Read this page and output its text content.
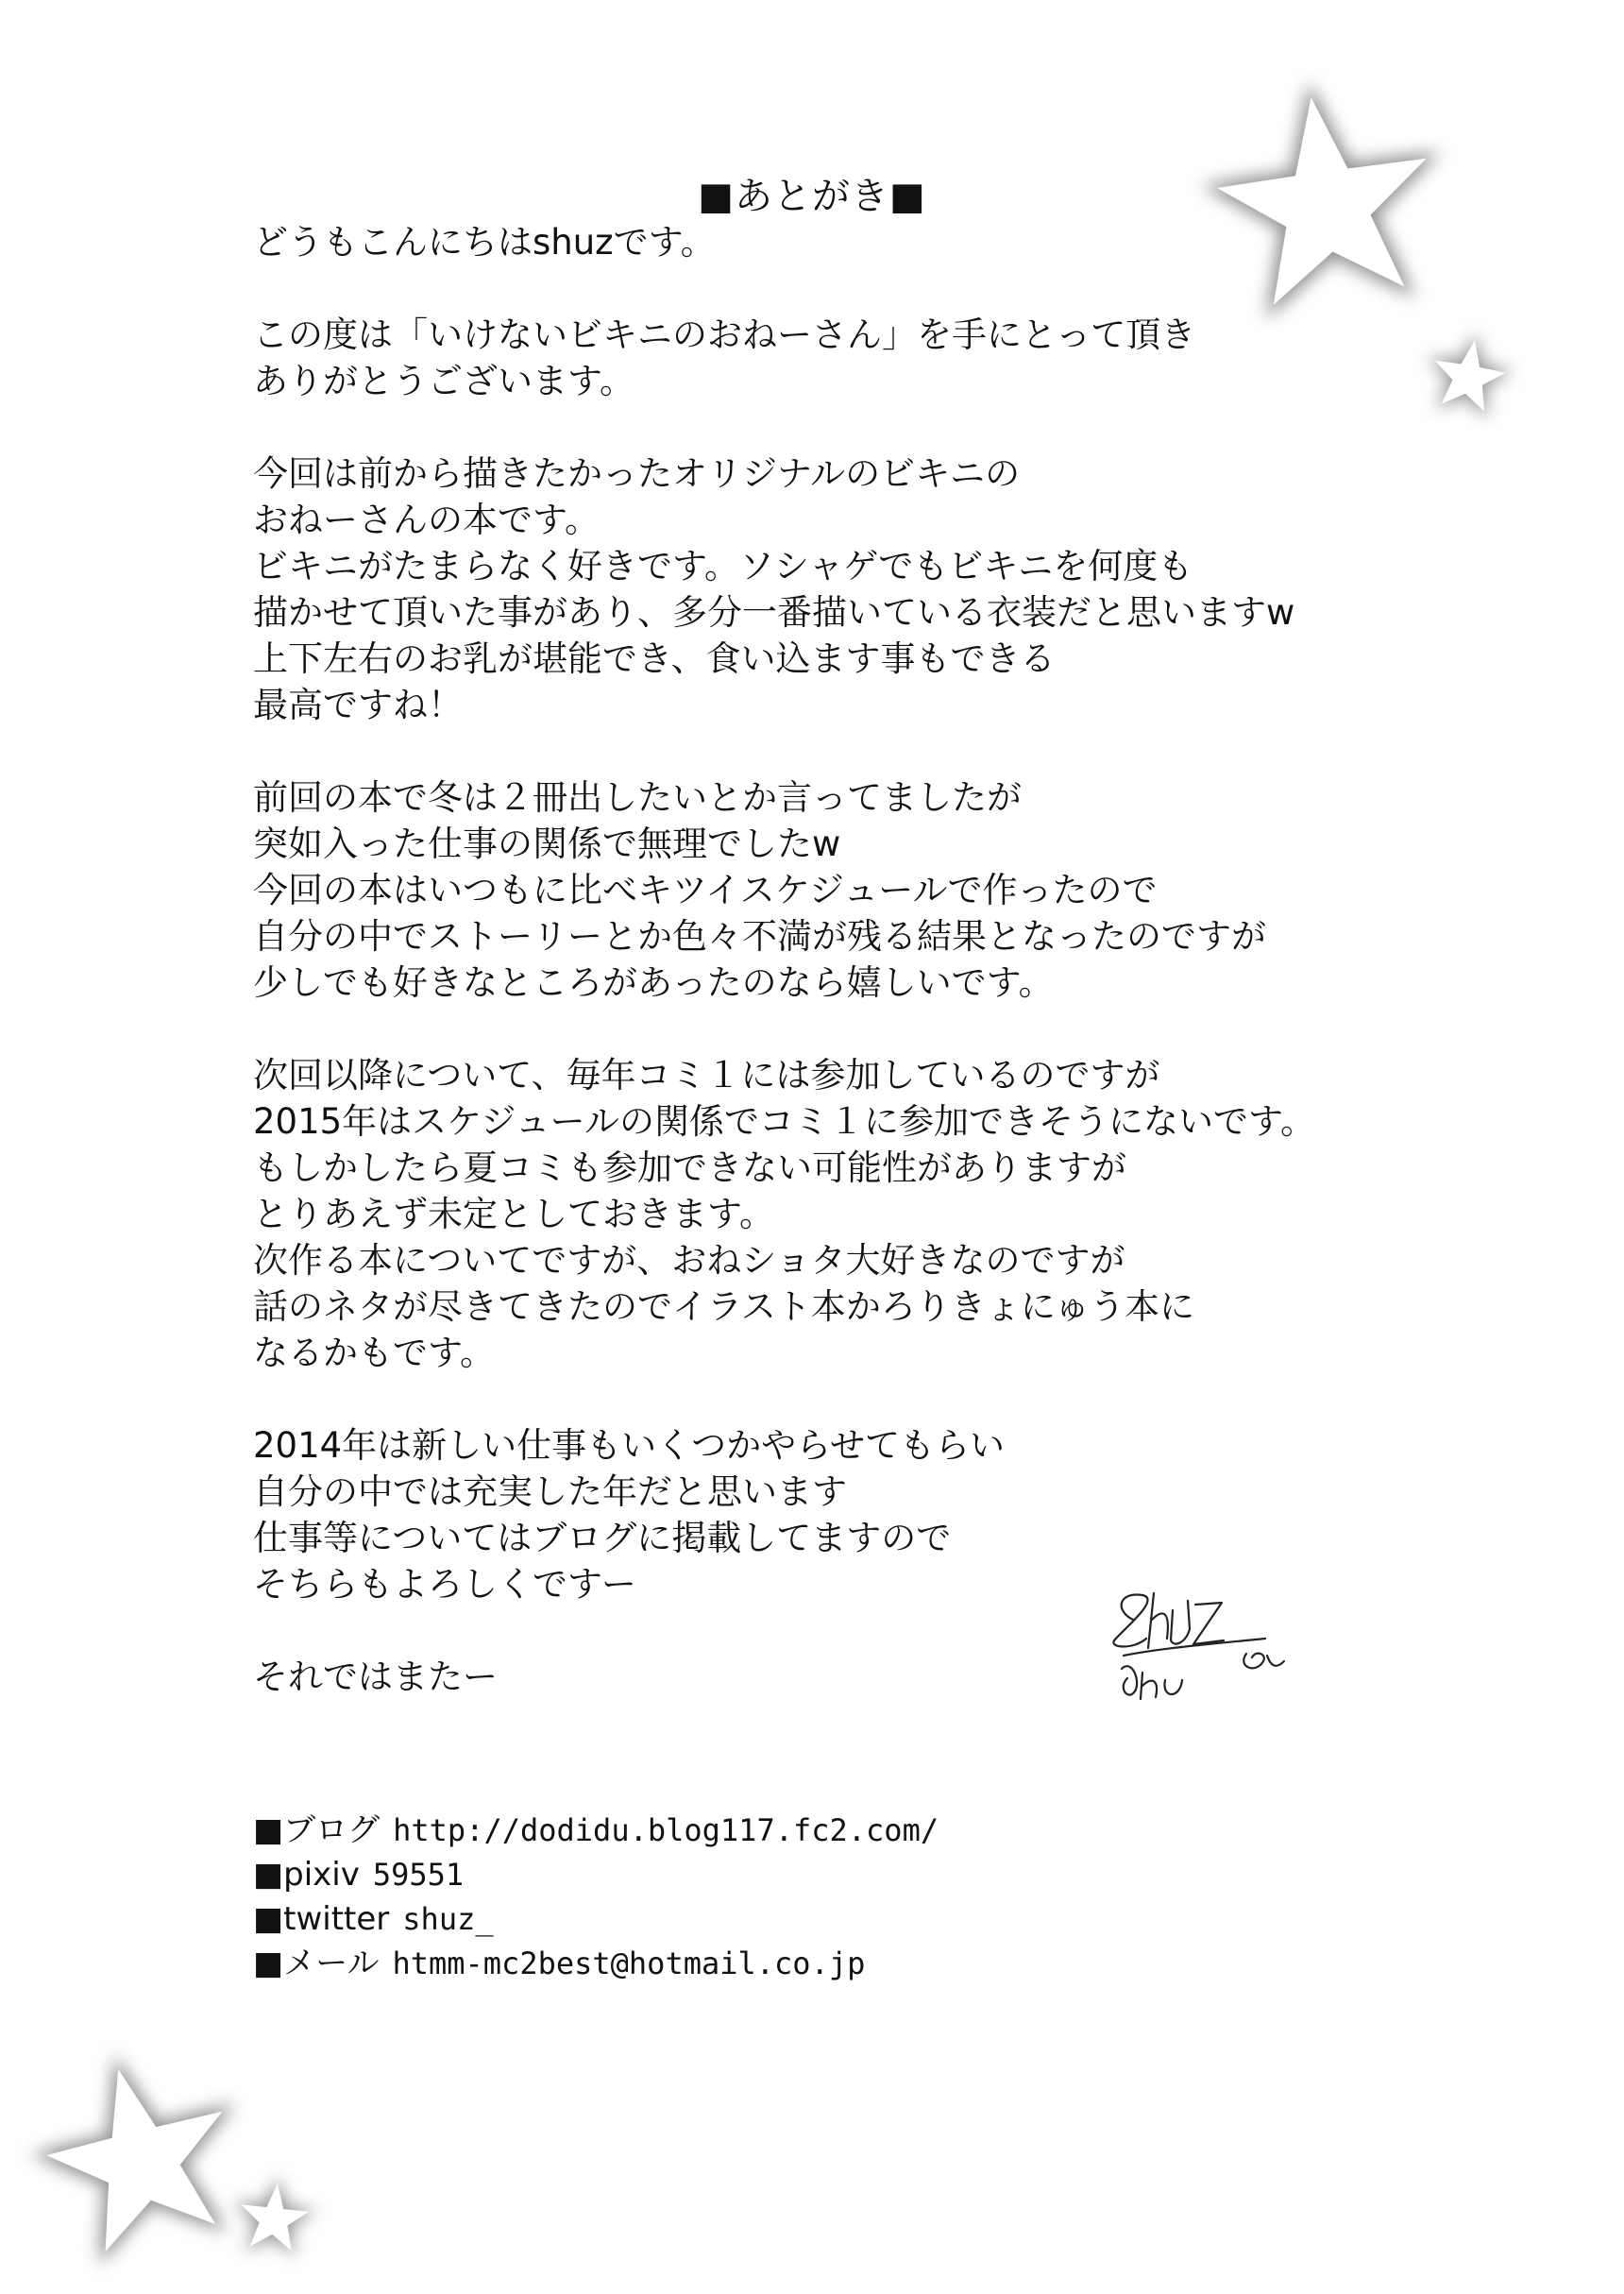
■あとがき■

どうもこんにちはshuzです。

この度は「いけないビキニのおねーさん」を手にとって頂き
ありがとうございます。

今回は前から描きたかったオリジナルのビキニの
おねーさんの本です。
ビキニがたまらなく好きです。ソシャゲでもビキニを何度も
描かせて頂いた事があり、多分一番描いている衣装だと思いますw
上下左右のお乳が堪能でき、食い込ます事もできる
最高ですね！

前回の本で冬は２冊出したいとか言ってましたが
突如入った仕事の関係で無理でしたw
今回の本はいつもに比べキツイスケジュールで作ったので
自分の中でストーリーとか色々不満が残る結果となったのですが
少しでも好きなところがあったのなら嬉しいです。

次回以降について、毎年コミ１には参加しているのですが
2015年はスケジュールの関係でコミ１に参加できそうにないです。
もしかしたら夏コミも参加できない可能性がありますが
とりあえず未定としておきます。
次作る本についてですが、おねショタ大好きなのですが
話のネタが尽きてきたのでイラスト本かろりきょにゅう本に
なるかもです。

2014年は新しい仕事もいくつかやらせてもらい
自分の中では充実した年だと思います
仕事等についてはブログに掲載してますので
そちらもよろしくですー

それではまたー

■ブログ http://dodidu.blog117.fc2.com/
■pixiv 59551
■twitter shuz_
■メール htmm-mc2best@hotmail.co.jp
